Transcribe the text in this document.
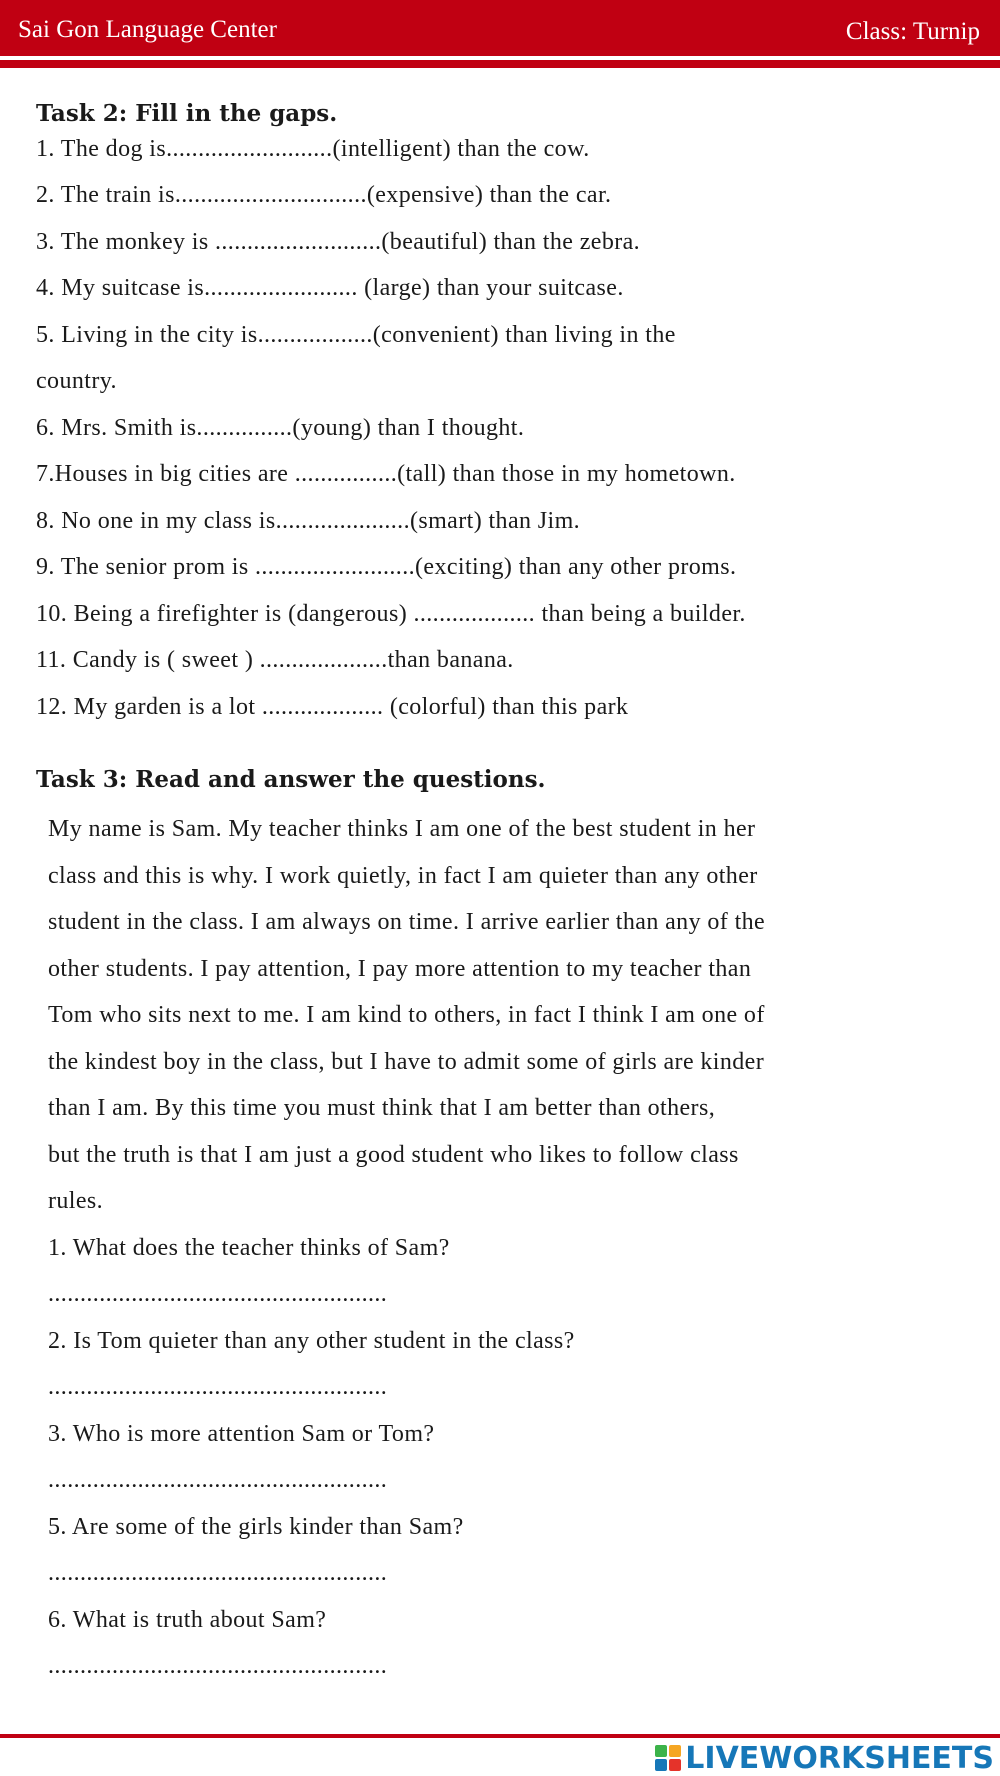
Sai Gon Language Center	Class: Turnip
Task 2: Fill in the gaps.
1. The dog is..........................(intelligent) than the cow.
2. The train is..............................(expensive) than the car.
3. The monkey is ..........................(beautiful) than the zebra.
4. My suitcase is........................ (large) than your suitcase.
5. Living in the city is..................(convenient) than living in the
country.
6. Mrs. Smith is...............(young) than I thought.
7.Houses in big cities are ................(tall) than those in my hometown.
8. No one in my class is.....................(smart) than Jim.
9. The senior prom is .........................(exciting) than any other proms.
10. Being a firefighter is (dangerous) ................... than being a builder.
11. Candy is ( sweet ) ....................than banana.
12. My garden is a lot ................... (colorful) than this park
Task 3: Read and answer the questions.
My name is Sam. My teacher thinks I am one of the best student in her
class and this is why. I work quietly, in fact I am quieter than any other
student in the class. I am always on time. I arrive earlier than any of the
other students. I pay attention, I pay more attention to my teacher than
Tom who sits next to me. I am kind to others, in fact I think I am one of
the kindest boy in the class, but I have to admit some of girls are kinder
than I am. By this time you must think that I am better than others,
but the truth is that I am just a good student who likes to follow class
rules.
1. What does the teacher thinks of Sam?
.....................................................
2. Is Tom quieter than any other student in the class?
.....................................................
3. Who is more attention Sam or Tom?
.....................................................
5. Are some of the girls kinder than Sam?
.....................................................
6. What is truth about Sam?
.....................................................
LIVEWORKSHEETS
